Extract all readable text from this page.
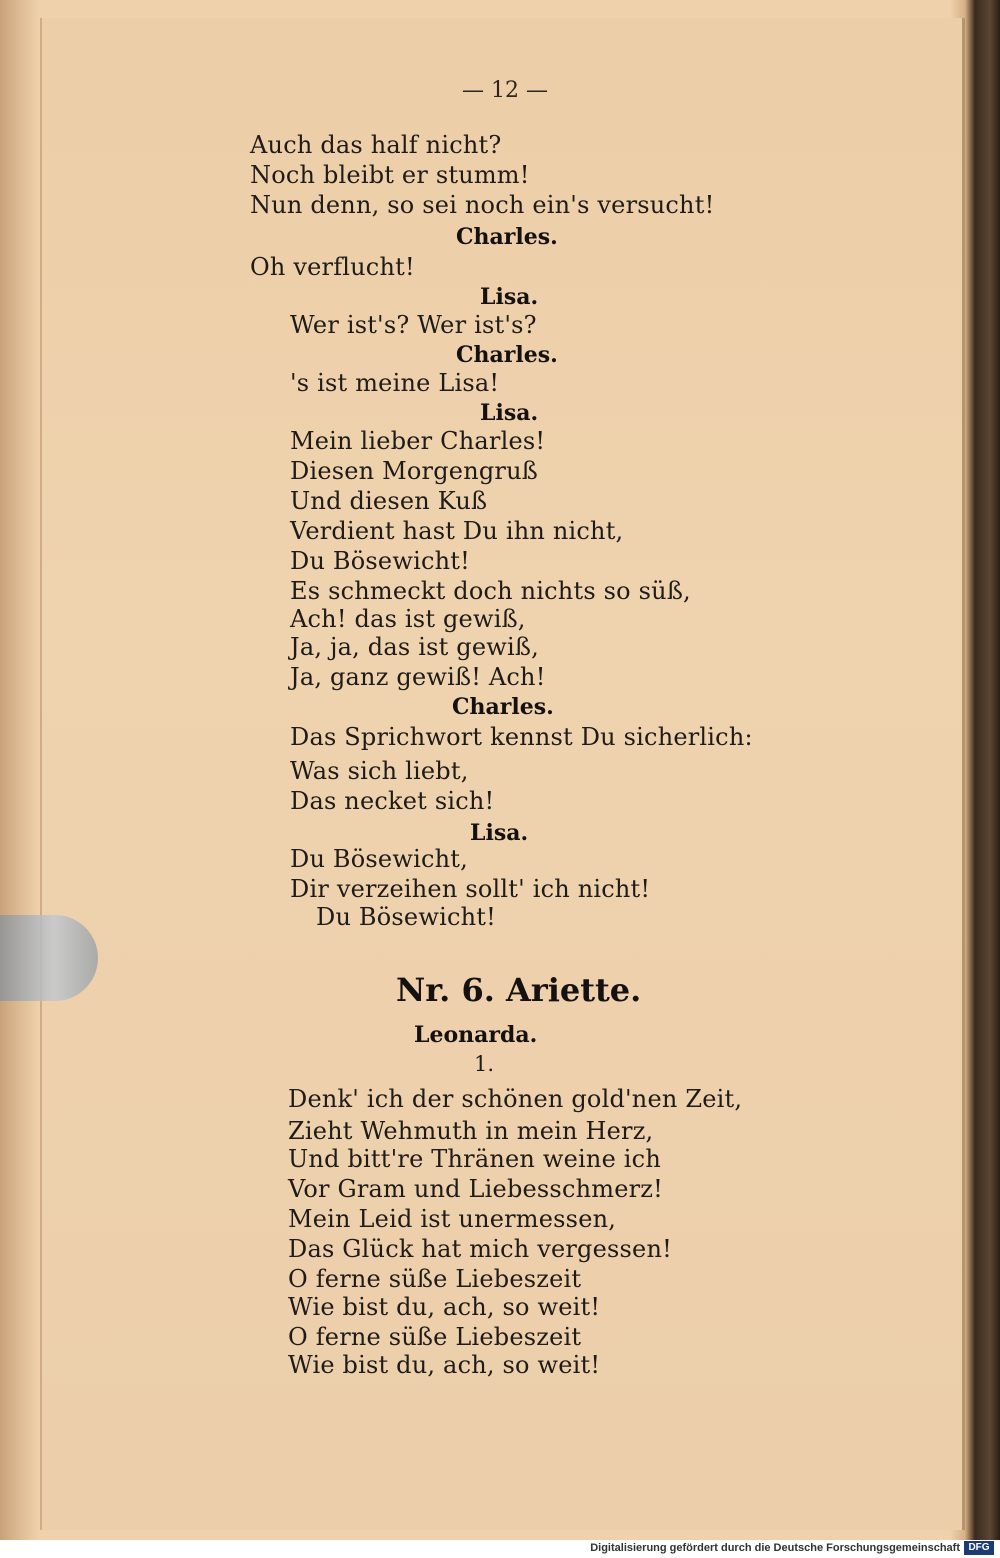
— 12 —
Auch das half nicht?
Noch bleibt er stumm!
Nun denn, so sei noch ein's versucht!
Charles.
Oh verflucht!
Lisa.
Wer ist's? Wer ist's?
Charles.
's ist meine Lisa!
Lisa.
Mein lieber Charles!
Diesen Morgengruß
Und diesen Kuß
Verdient hast Du ihn nicht,
Du Bösewicht!
Es schmeckt doch nichts so süß,
Ach! das ist gewiß,
Ja, ja, das ist gewiß,
Ja, ganz gewiß! Ach!
Charles.
Das Sprichwort kennst Du sicherlich:
Was sich liebt,
Das necket sich!
Lisa.
Du Bösewicht,
Dir verzeihen sollt' ich nicht!
Du Bösewicht!
Nr. 6. Ariette.
Leonarda.
1.
Denk' ich der schönen gold'nen Zeit,
Zieht Wehmuth in mein Herz,
Und bitt're Thränen weine ich
Vor Gram und Liebesschmerz!
Mein Leid ist unermessen,
Das Glück hat mich vergessen!
O ferne süße Liebeszeit
Wie bist du, ach, so weit!
O ferne süße Liebeszeit
Wie bist du, ach, so weit!
Digitalisierung gefördert durch die Deutsche Forschungsgemeinschaft DFG
